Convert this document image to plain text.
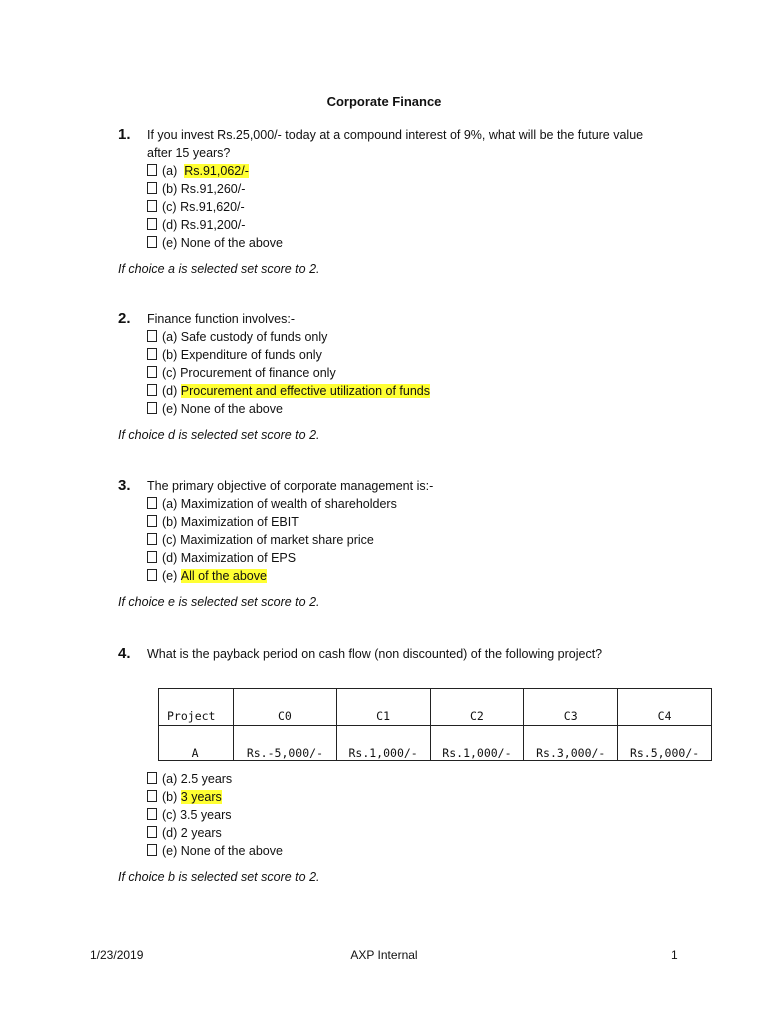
Corporate Finance
1. If you invest Rs.25,000/- today at a compound interest of 9%, what will be the future value
after 15 years?
(a) Rs.91,062/-
(b) Rs.91,260/-
(c) Rs.91,620/-
(d) Rs.91,200/-
(e) None of the above
If choice a is selected set score to 2.
2. Finance function involves:-
(a) Safe custody of funds only
(b) Expenditure of funds only
(c) Procurement of finance only
(d) Procurement and effective utilization of funds
(e) None of the above
If choice d is selected set score to 2.
3. The primary objective of corporate management is:-
(a) Maximization of wealth of shareholders
(b) Maximization of EBIT
(c) Maximization of market share price
(d) Maximization of EPS
(e) All of the above
If choice e is selected set score to 2.
4. What is the payback period on cash flow (non discounted) of the following project?
Project	C0	C1	C2	C3	C4
A	Rs.-5,000/-	Rs.1,000/-	Rs.1,000/-	Rs.3,000/-	Rs.5,000/-
(a) 2.5 years
(b) 3 years
(c) 3.5 years
(d) 2 years
(e) None of the above
If choice b is selected set score to 2.
1/23/2019	AXP Internal	1
